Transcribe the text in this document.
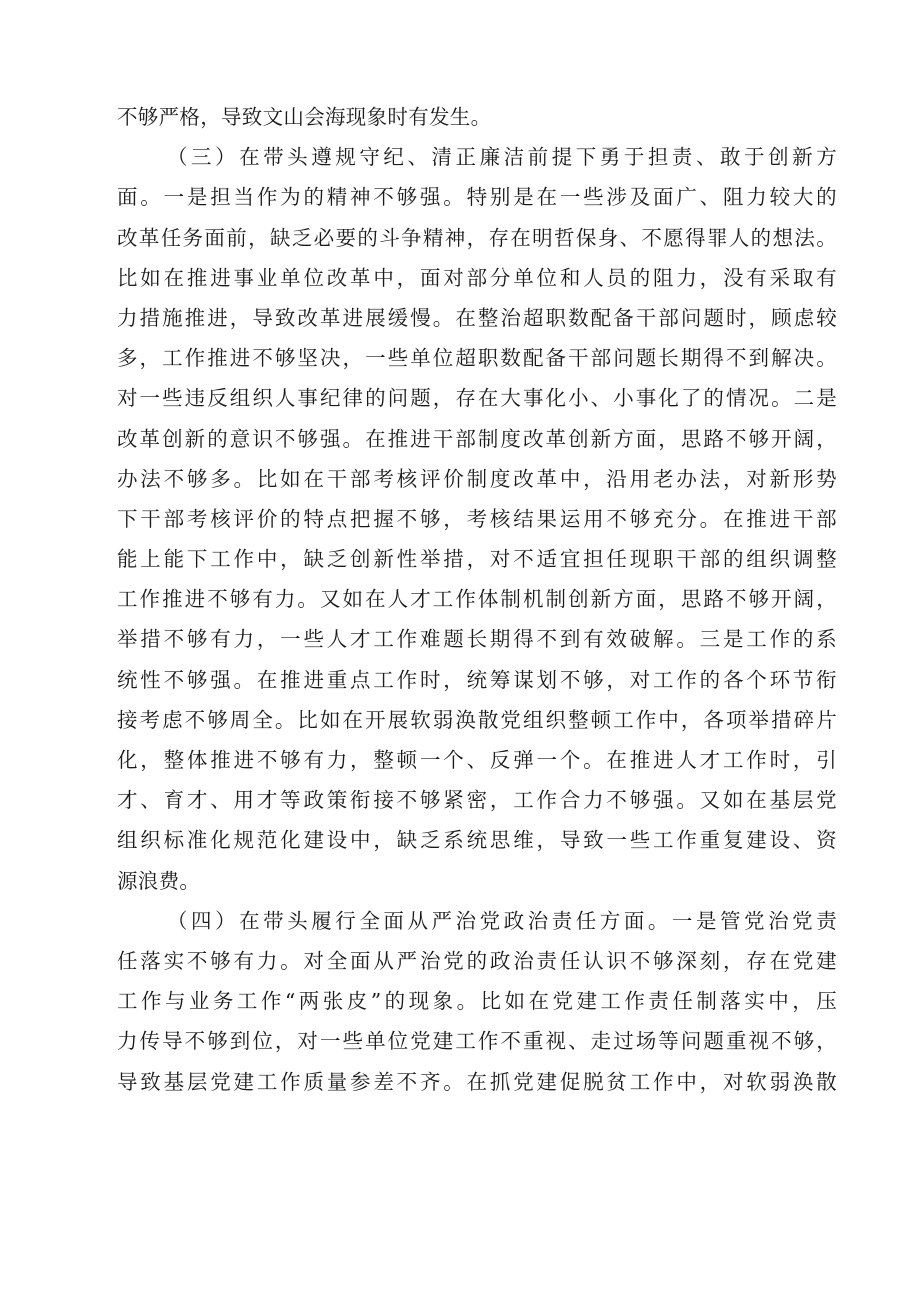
不够严格，导致文山会海现象时有发生。
（三）在带头遵规守纪、清正廉洁前提下勇于担责、敢于创新方
面。一是担当作为的精神不够强。特别是在一些涉及面广、阻力较大的
改革任务面前，缺乏必要的斗争精神，存在明哲保身、不愿得罪人的想法。
比如在推进事业单位改革中，面对部分单位和人员的阻力，没有采取有
力措施推进，导致改革进展缓慢。在整治超职数配备干部问题时，顾虑较
多，工作推进不够坚决，一些单位超职数配备干部问题长期得不到解决。
对一些违反组织人事纪律的问题，存在大事化小、小事化了的情况。二是
改革创新的意识不够强。在推进干部制度改革创新方面，思路不够开阔，
办法不够多。比如在干部考核评价制度改革中，沿用老办法，对新形势
下干部考核评价的特点把握不够，考核结果运用不够充分。在推进干部
能上能下工作中，缺乏创新性举措，对不适宜担任现职干部的组织调整
工作推进不够有力。又如在人才工作体制机制创新方面，思路不够开阔，
举措不够有力，一些人才工作难题长期得不到有效破解。三是工作的系
统性不够强。在推进重点工作时，统筹谋划不够，对工作的各个环节衔
接考虑不够周全。比如在开展软弱涣散党组织整顿工作中，各项举措碎片
化，整体推进不够有力，整顿一个、反弹一个。在推进人才工作时，引
才、育才、用才等政策衔接不够紧密，工作合力不够强。又如在基层党
组织标准化规范化建设中，缺乏系统思维，导致一些工作重复建设、资
源浪费。
（四）在带头履行全面从严治党政治责任方面。一是管党治党责
任落实不够有力。对全面从严治党的政治责任认识不够深刻，存在党建
工作与业务工作“两张皮”的现象。比如在党建工作责任制落实中，压
力传导不够到位，对一些单位党建工作不重视、走过场等问题重视不够，
导致基层党建工作质量参差不齐。在抓党建促脱贫工作中，对软弱涣散
